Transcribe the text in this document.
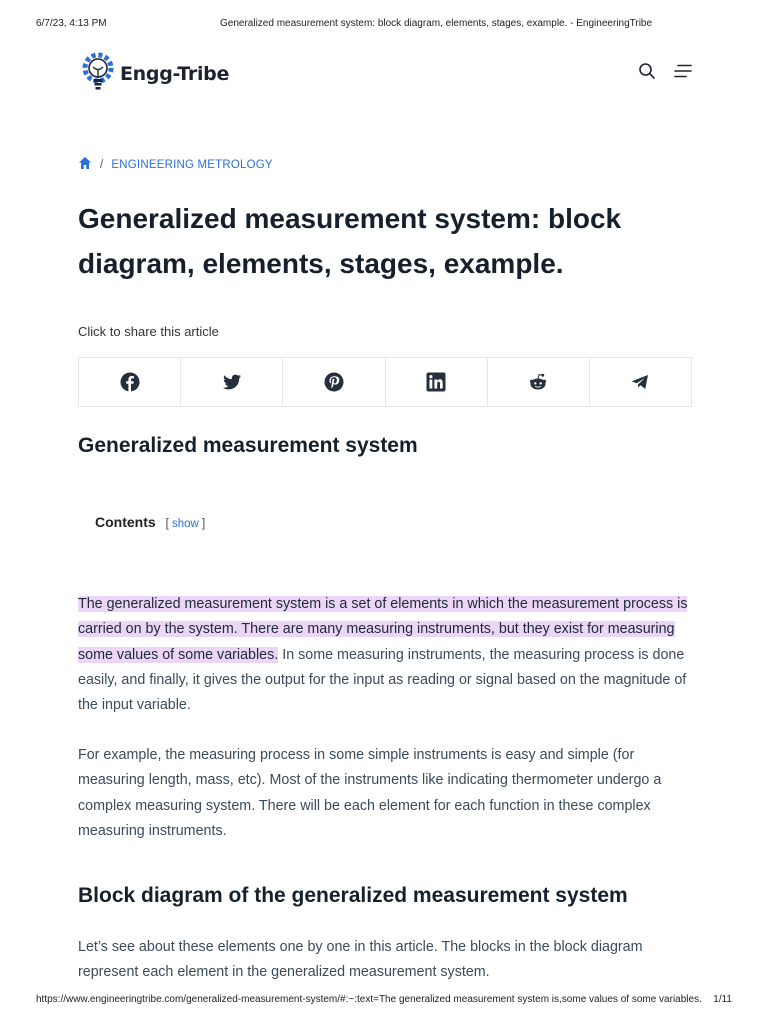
6/7/23, 4:13 PM	Generalized measurement system: block diagram, elements, stages, example. - EngineeringTribe
Engg-Tribe
/ ENGINEERING METROLOGY
Generalized measurement system: block diagram, elements, stages, example.
Click to share this article
Generalized measurement system
Contents [ show ]

The generalized measurement system is a set of elements in which the measurement process is carried on by the system. There are many measuring instruments, but they exist for measuring some values of some variables. In some measuring instruments, the measuring process is done easily, and finally, it gives the output for the input as reading or signal based on the magnitude of the input variable.

For example, the measuring process in some simple instruments is easy and simple (for measuring length, mass, etc). Most of the instruments like indicating thermometer undergo a complex measuring system. There will be each element for each function in these complex measuring instruments.

Block diagram of the generalized measurement system

Let’s see about these elements one by one in this article. The blocks in the block diagram represent each element in the generalized measurement system.

https://www.engineeringtribe.com/generalized-measurement-system/#:~:text=The generalized measurement system is,some values of some variables. 1/11
